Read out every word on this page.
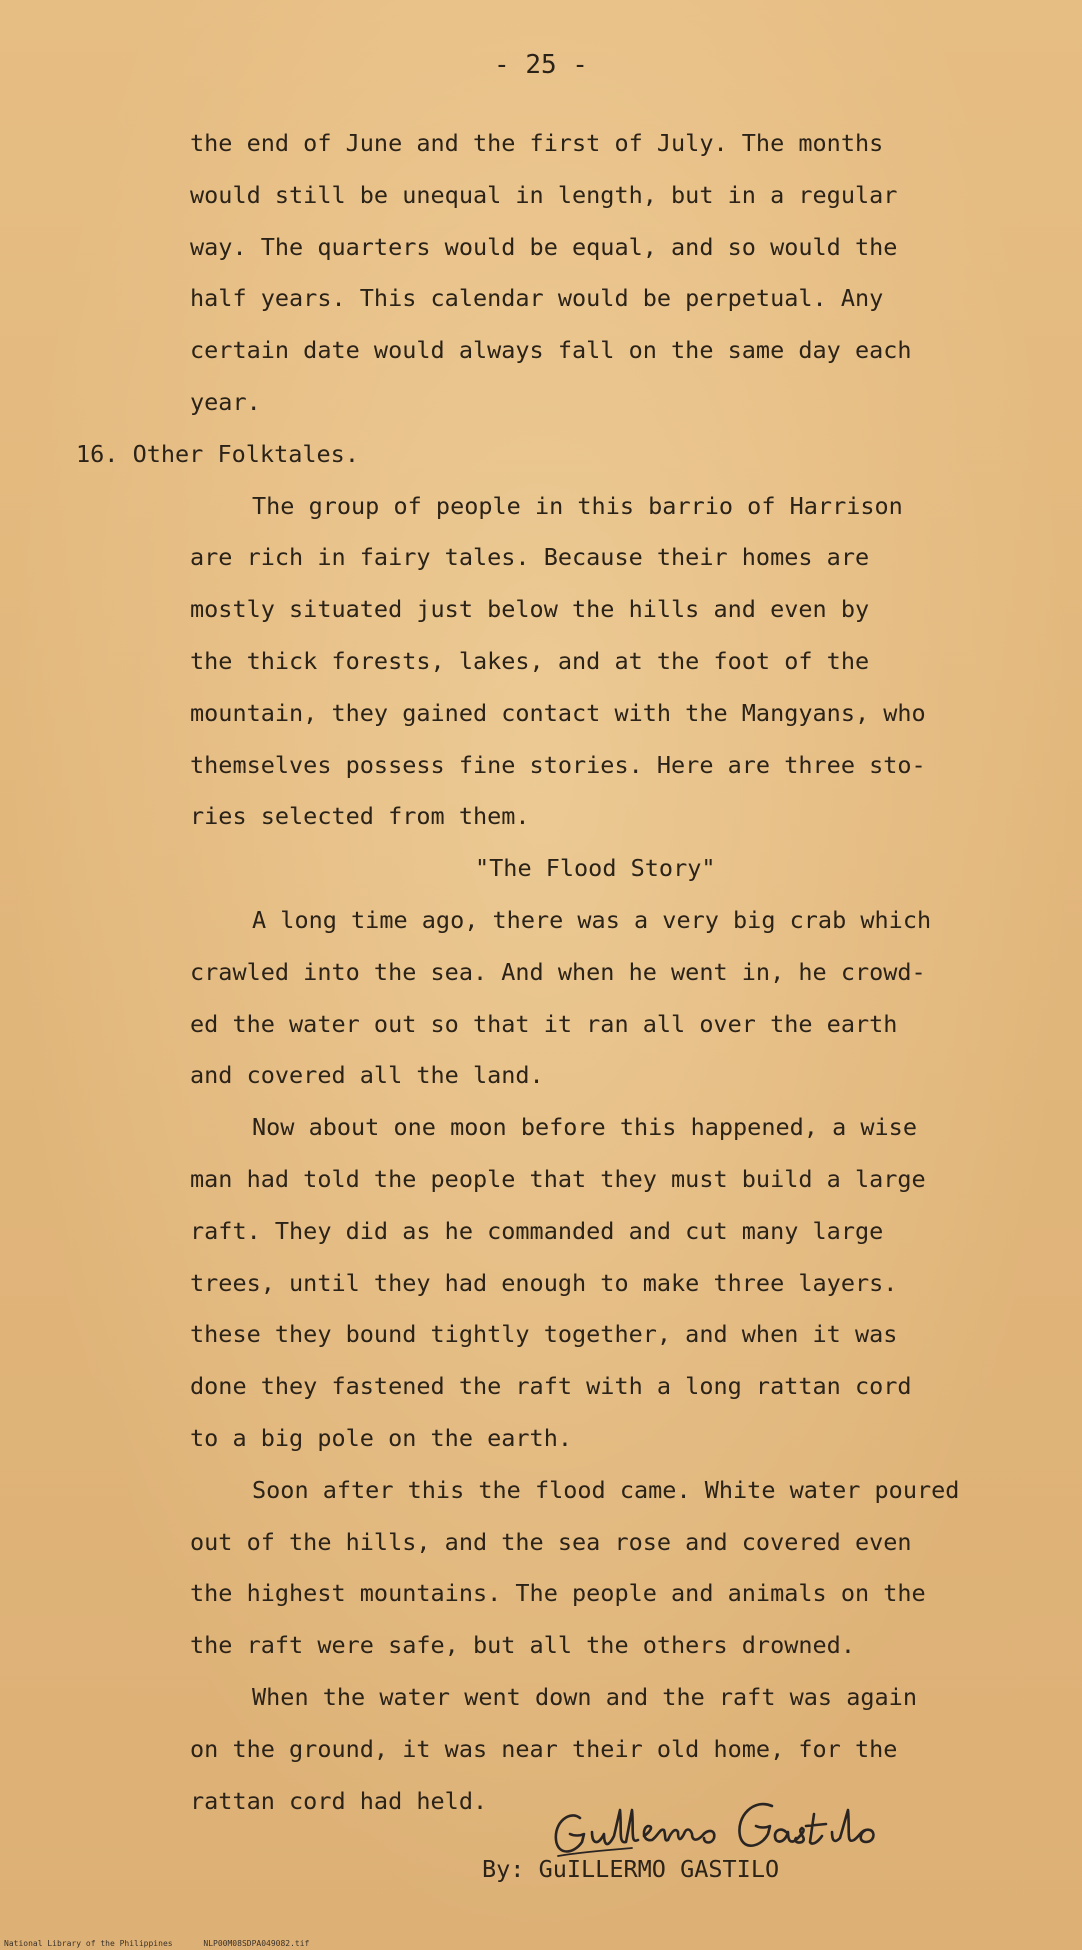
- 25 -
the end of June and the first of July. The months
would still be unequal in length, but in a regular
way. The quarters would be equal, and so would the
half years. This calendar would be perpetual. Any
certain date would always fall on the same day each
year.
16. Other Folktales.
The group of people in this barrio of Harrison
are rich in fairy tales. Because their homes are
mostly situated just below the hills and even by
the thick forests, lakes, and at the foot of the
mountain, they gained contact with the Mangyans, who
themselves possess fine stories. Here are three sto-
ries selected from them.
"The Flood Story"
A long time ago, there was a very big crab which
crawled into the sea. And when he went in, he crowd-
ed the water out so that it ran all over the earth
and covered all the land.
Now about one moon before this happened, a wise
man had told the people that they must build a large
raft. They did as he commanded and cut many large
trees, until they had enough to make three layers.
these they bound tightly together, and when it was
done they fastened the raft with a long rattan cord
to a big pole on the earth.
Soon after this the flood came. White water poured
out of the hills, and the sea rose and covered even
the highest mountains. The people and animals on the
the raft were safe, but all the others drowned.
When the water went down and the raft was again
on the ground, it was near their old home, for the
rattan cord had held.
By: GuILLERMO GASTILO
National Library of the Philippines	NLP00M08SDPA049082.tif
